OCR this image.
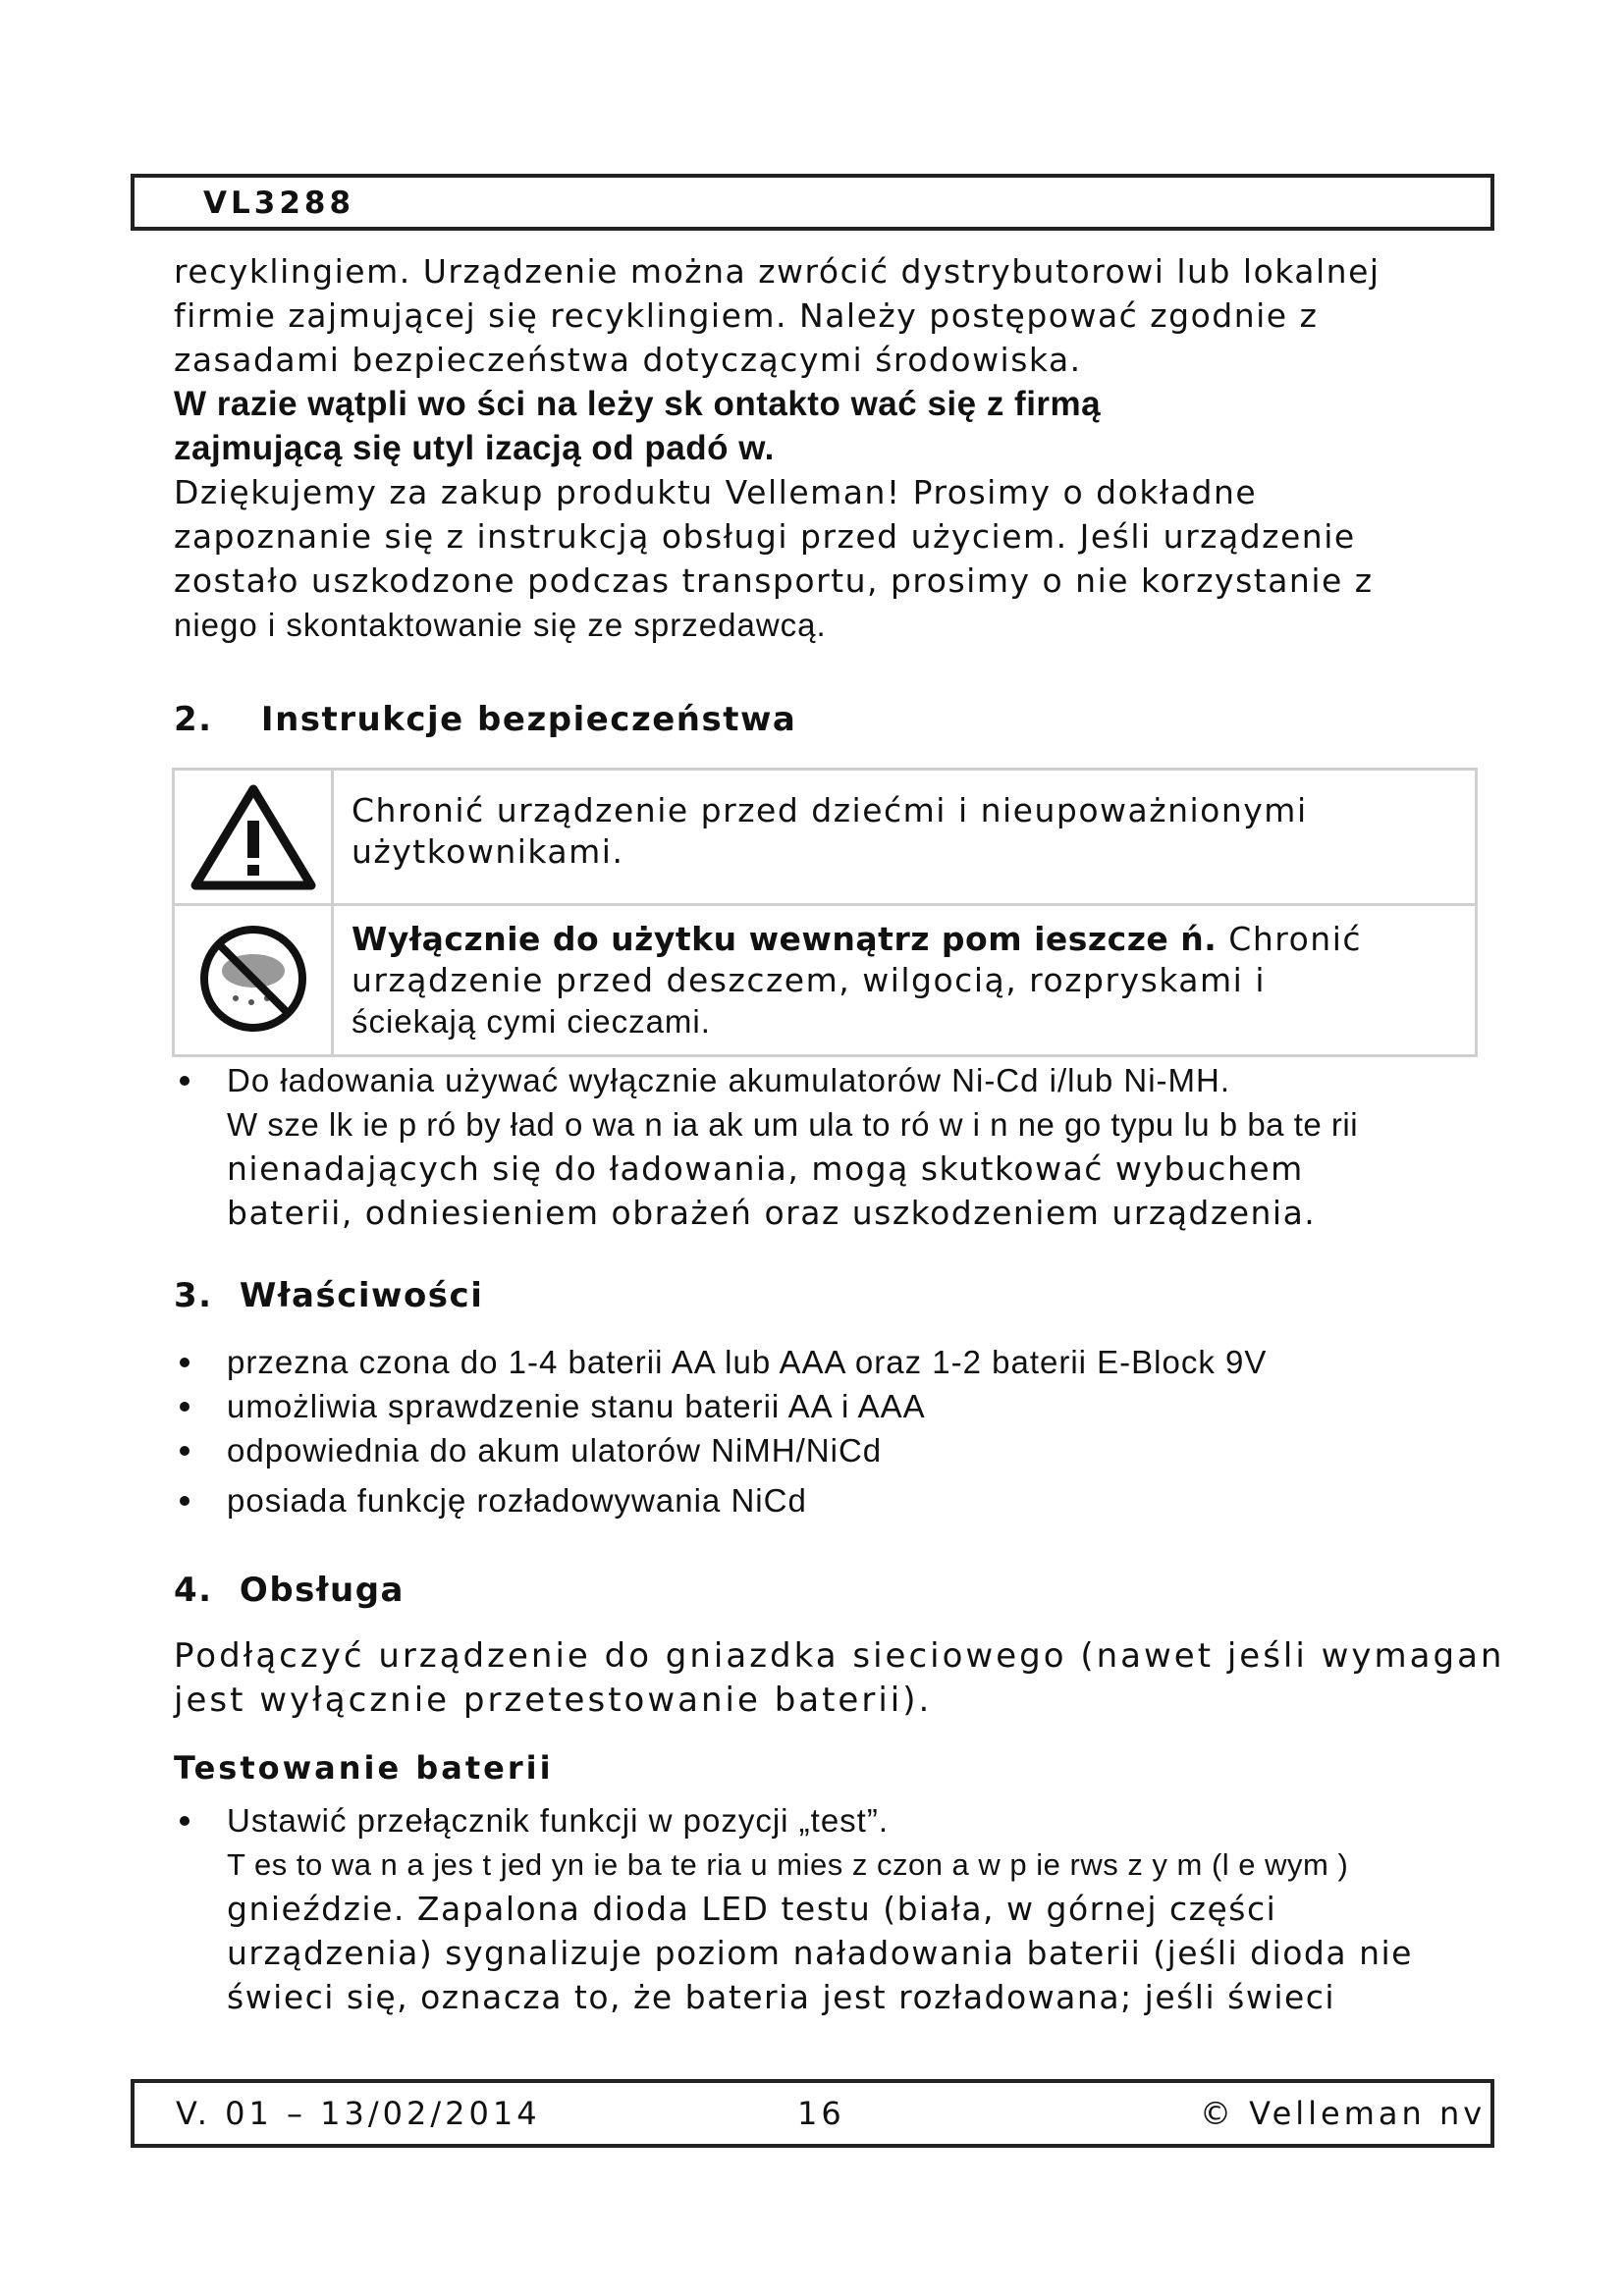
VL3288

recyklingiem. Urządzenie można zwrócić dystrybutorowi lub lokalnej

firmie zajmującej się recyklingiem. Należy postępować zgodnie z

zasadami bezpieczeństwa dotyczącymi środowiska.

W razie wątpli wo ści na leży sk ontakto wać się z firmą

zajmującą się utyl izacją od padó w.

Dziękujemy za zakup produktu Velleman! Prosimy o dokładne

zapoznanie się z instrukcją obsługi przed użyciem. Jeśli urządzenie

zostało uszkodzone podczas transportu, prosimy o nie korzystanie z

niego i skontaktowanie się ze sprzedawcą.

2. Instrukcje bezpieczeństwa

Chronić urządzenie przed dziećmi i nieupoważnionymi

użytkownikami.

Wyłącznie do użytku wewnątrz pom ieszcze ń. Chronić

urządzenie przed deszczem, wilgocią, rozpryskami i

ściekają cymi cieczami.

Do ładowania używać wyłącznie akumulatorów Ni-Cd i/lub Ni-MH.

W sze lk ie p ró by ład o wa n ia ak um ula to ró w i n ne go typu lu b ba te rii

nienadających się do ładowania, mogą skutkować wybuchem

baterii, odniesieniem obrażeń oraz uszkodzeniem urządzenia.

3. Właściwości

przezna czona do 1-4 baterii AA lub AAA oraz 1-2 baterii E-Block 9V

umożliwia sprawdzenie stanu baterii AA i AAA

odpowiednia do akum ulatorów NiMH/NiCd

posiada funkcję rozładowywania NiCd

4. Obsługa

Podłączyć urządzenie do gniazdka sieciowego (nawet jeśli wymagan

jest wyłącznie przetestowanie baterii).

Testowanie baterii

Ustawić przełącznik funkcji w pozycji „test”.

T es to wa n a jes t jed yn ie ba te ria u mies z czon a w p ie rws z y m (l e wym )

gnieździe. Zapalona dioda LED testu (biała, w górnej części

urządzenia) sygnalizuje poziom naładowania baterii (jeśli dioda nie

świeci się, oznacza to, że bateria jest rozładowana; jeśli świeci

V. 01 – 13/02/2014	16	© Velleman nv
